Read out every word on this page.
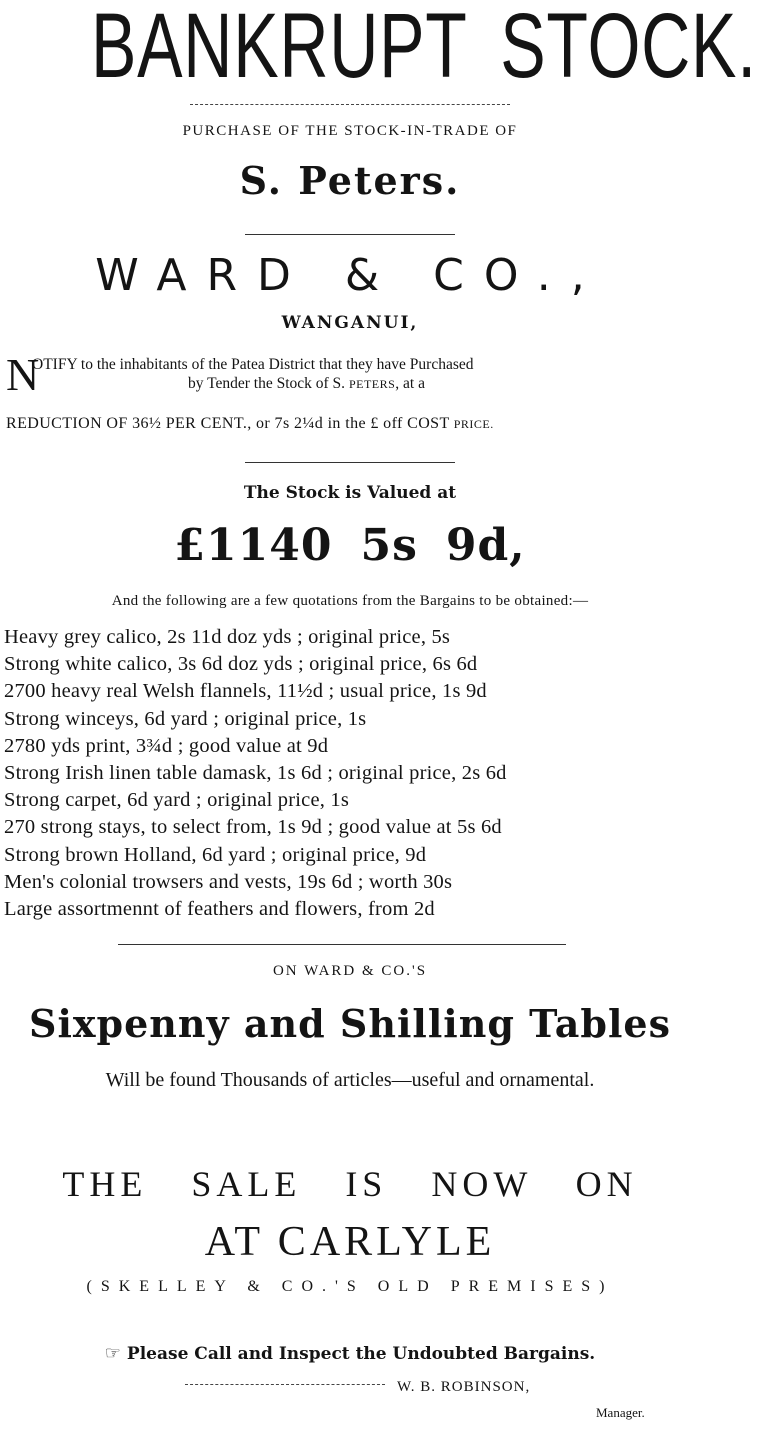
BANKRUPT STOCK.
PURCHASE OF THE STOCK-IN-TRADE OF
S. Peters.
WARD & CO.,
WANGANUI,
N
OTIFY to the inhabitants of the Patea District that they have Purchased
by Tender the Stock of S. PETERS, at a
REDUCTION OF 36½ PER CENT., or 7s 2¼d in the £ off COST PRICE.
The Stock is Valued at
£1140 5s 9d,
And the following are a few quotations from the Bargains to be obtained:—
Heavy grey calico, 2s 11d doz yds ; original price, 5s
Strong white calico, 3s 6d doz yds ; original price, 6s 6d
2700 heavy real Welsh flannels, 11½d ; usual price, 1s 9d
Strong winceys, 6d yard ; original price, 1s
2780 yds print, 3¾d ; good value at 9d
Strong Irish linen table damask, 1s 6d ; original price, 2s 6d
Strong carpet, 6d yard ; original price, 1s
270 strong stays, to select from, 1s 9d ; good value at 5s 6d
Strong brown Holland, 6d yard ; original price, 9d
Men's colonial trowsers and vests, 19s 6d ; worth 30s
Large assortmennt of feathers and flowers, from 2d
ON WARD & CO.'S
Sixpenny and Shilling Tables
Will be found Thousands of articles—useful and ornamental.
THE SALE IS NOW ON
AT CARLYLE
(SKELLEY & CO.'S OLD PREMISES)
☞ Please Call and Inspect the Undoubted Bargains.
W. B. ROBINSON,
Manager.
